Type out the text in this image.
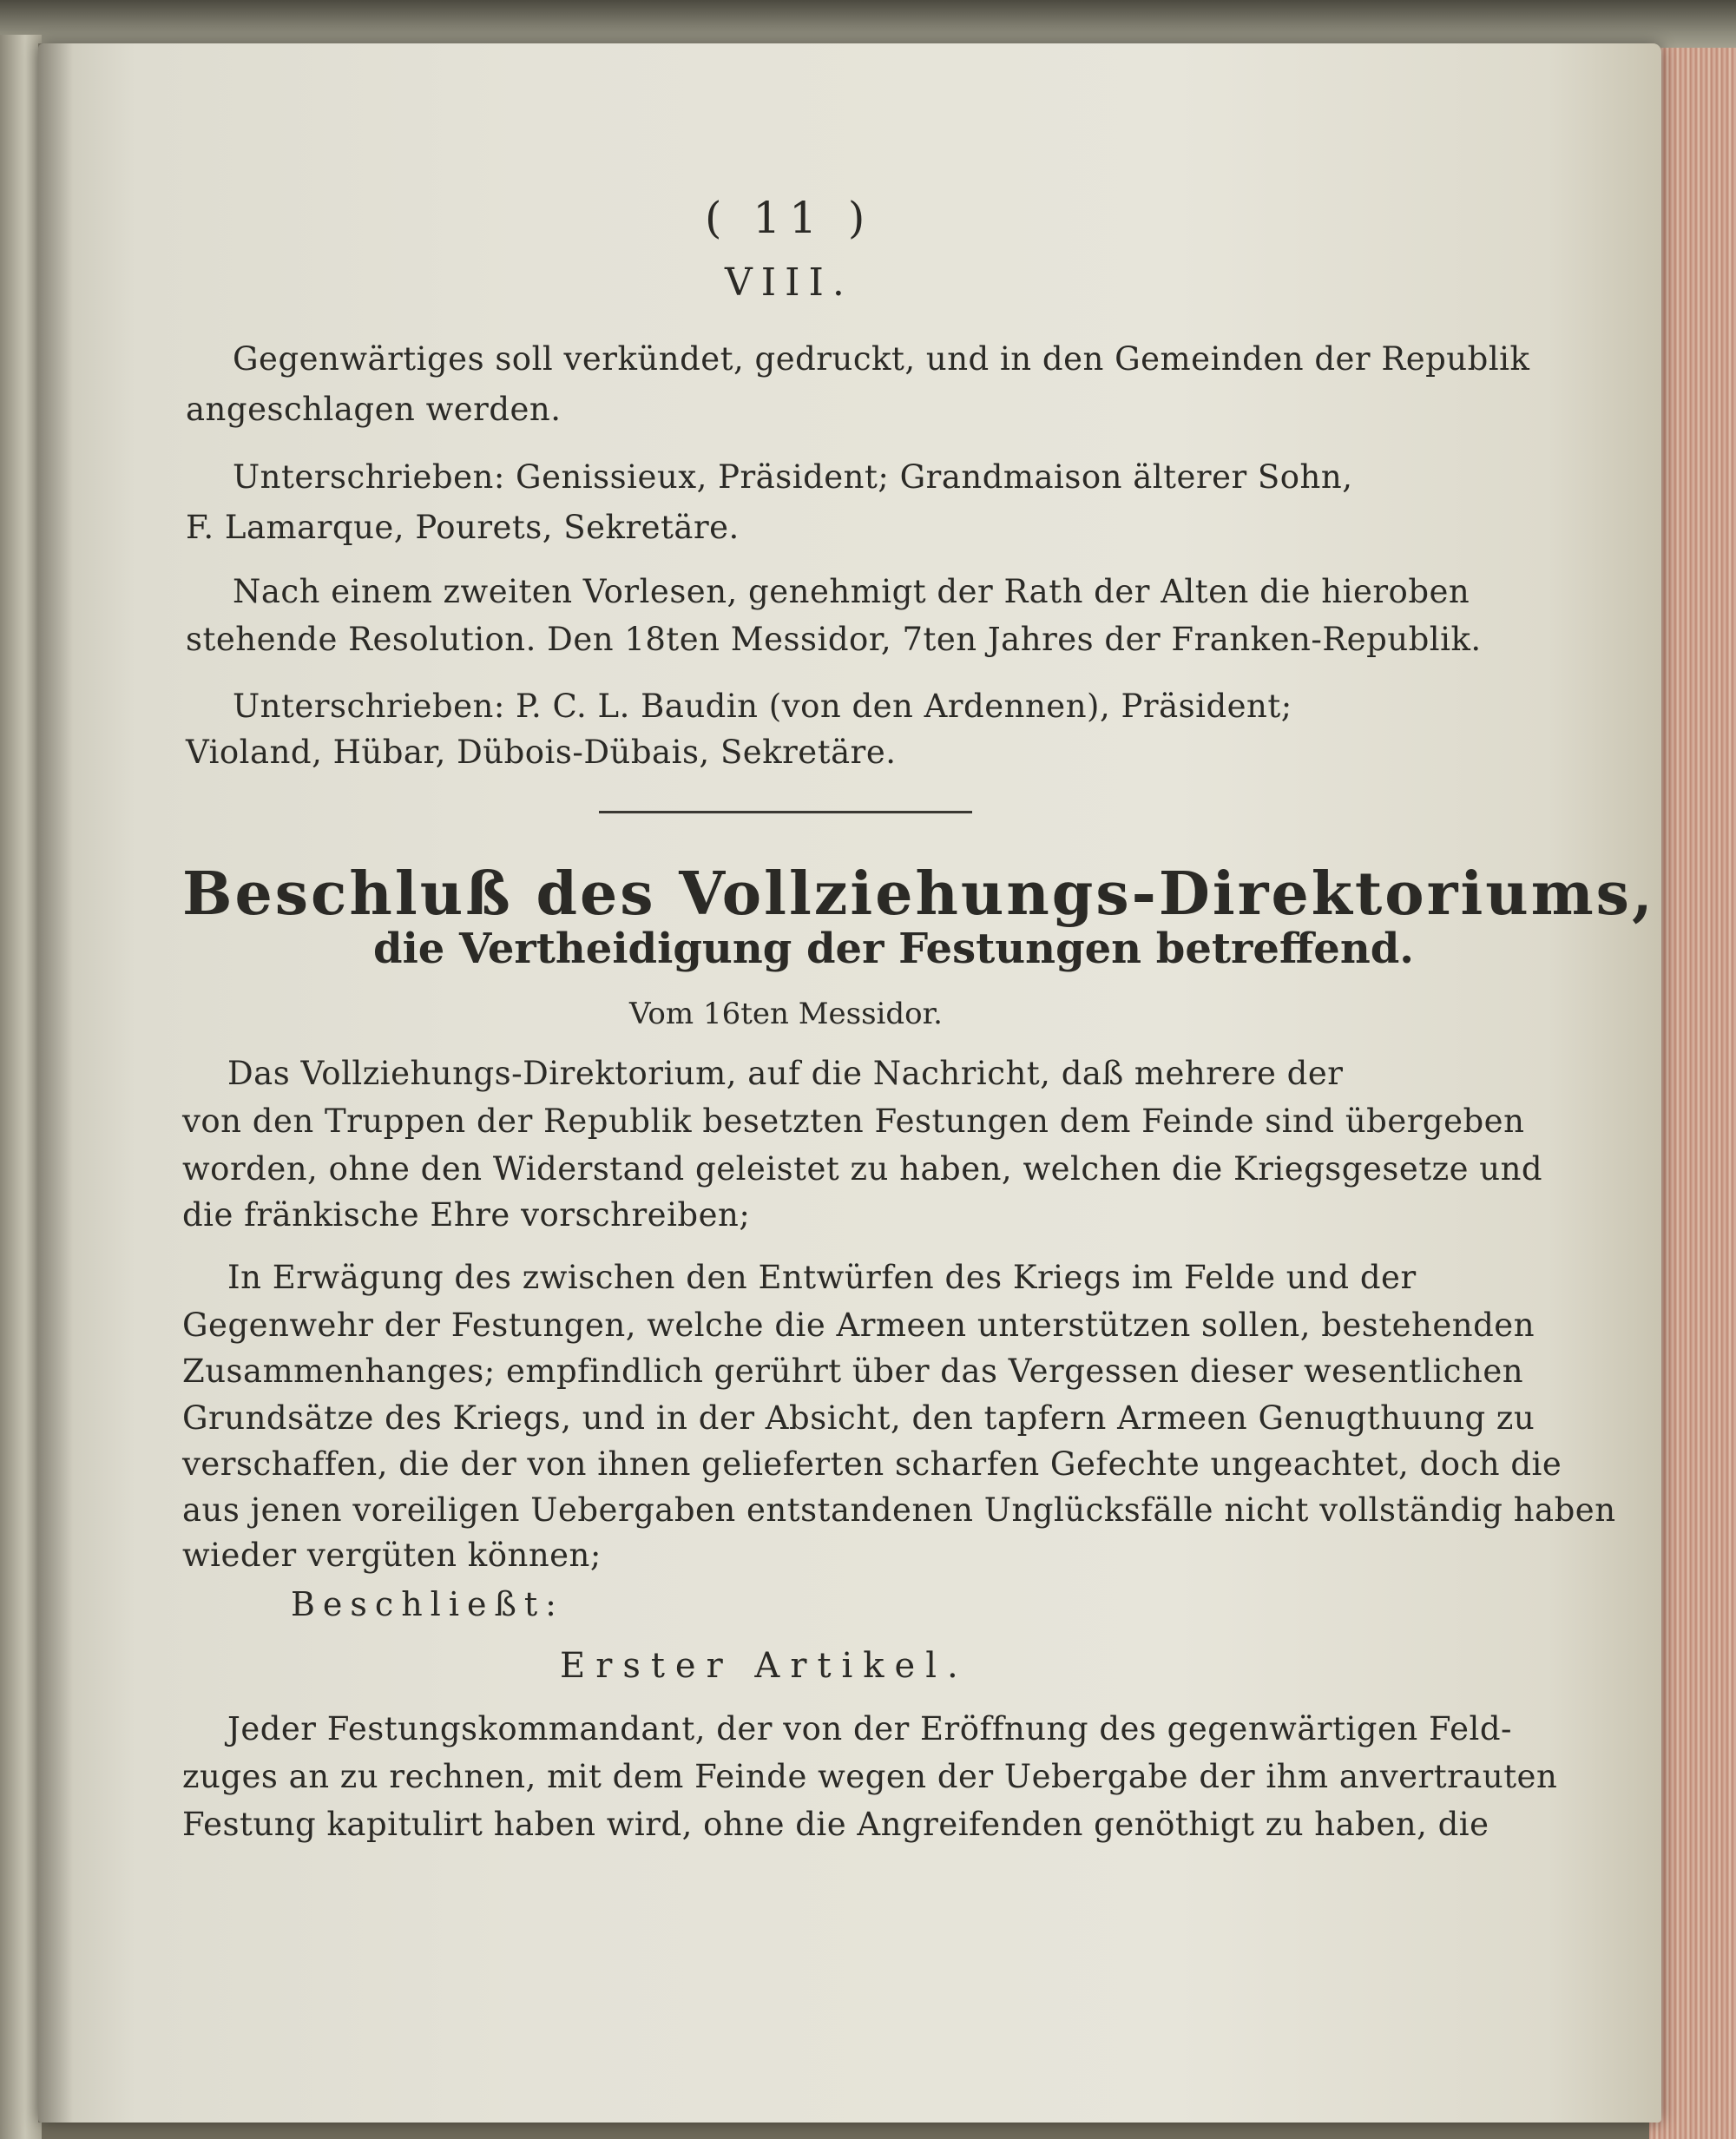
( 11 )
VIII.
Gegenwärtiges soll verkündet, gedruckt, und in den Gemeinden der Republik
angeschlagen werden.
Unterschrieben: Genissieux, Präsident; Grandmaison älterer Sohn,
F. Lamarque, Pourets, Sekretäre.
Nach einem zweiten Vorlesen, genehmigt der Rath der Alten die hieroben
stehende Resolution. Den 18ten Messidor, 7ten Jahres der Franken-Republik.
Unterschrieben: P. C. L. Baudin (von den Ardennen), Präsident;
Violand, Hübar, Dübois-Dübais, Sekretäre.
Beschluß des Vollziehungs-Direktoriums,
die Vertheidigung der Festungen betreffend.
Vom 16ten Messidor.
Das Vollziehungs-Direktorium, auf die Nachricht, daß mehrere der
von den Truppen der Republik besetzten Festungen dem Feinde sind übergeben
worden, ohne den Widerstand geleistet zu haben, welchen die Kriegsgesetze und
die fränkische Ehre vorschreiben;
In Erwägung des zwischen den Entwürfen des Kriegs im Felde und der
Gegenwehr der Festungen, welche die Armeen unterstützen sollen, bestehenden
Zusammenhanges; empfindlich gerührt über das Vergessen dieser wesentlichen
Grundsätze des Kriegs, und in der Absicht, den tapfern Armeen Genugthuung zu
verschaffen, die der von ihnen gelieferten scharfen Gefechte ungeachtet, doch die
aus jenen voreiligen Uebergaben entstandenen Unglücksfälle nicht vollständig haben
wieder vergüten können;
Beschließt:
Erster Artikel.
Jeder Festungskommandant, der von der Eröffnung des gegenwärtigen Feld-
zuges an zu rechnen, mit dem Feinde wegen der Uebergabe der ihm anvertrauten
Festung kapitulirt haben wird, ohne die Angreifenden genöthigt zu haben, die
